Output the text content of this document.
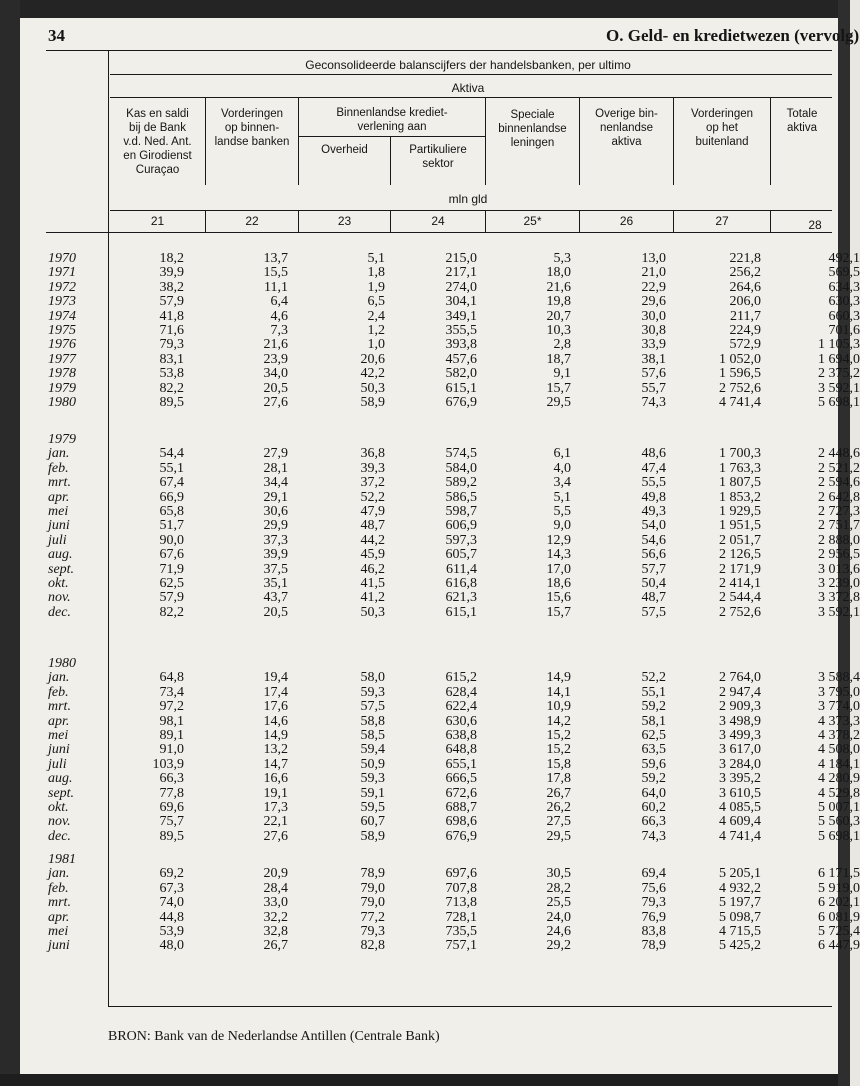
34	O. Geld- en kredietwezen (vervolg)
Geconsolideerde balanscijfers der handelsbanken, per ultimo
Aktiva
Kas en saldi
bij de Bank
v.d. Ned. Ant.
en Girodienst
Curaçao
Vorderingen
op binnen-
landse banken
Binnenlandse krediet-
verlening aan
Overheid	Partikuliere
sektor
Speciale
binnenlandse
leningen
Overige bin-
nenlandse
aktiva
Vorderingen
op het
buitenland
Totale
aktiva
mln gld
21	22	23	24	25*	26	27	28
1970	18,2	13,7	5,1	215,0	5,3	13,0	221,8	492,1
1971	39,9	15,5	1,8	217,1	18,0	21,0	256,2	569,5
1972	38,2	11,1	1,9	274,0	21,6	22,9	264,6	634,3
1973	57,9	6,4	6,5	304,1	19,8	29,6	206,0	630,3
1974	41,8	4,6	2,4	349,1	20,7	30,0	211,7	660,3
1975	71,6	7,3	1,2	355,5	10,3	30,8	224,9	701,6
1976	79,3	21,6	1,0	393,8	2,8	33,9	572,9	1 105,3
1977	83,1	23,9	20,6	457,6	18,7	38,1	1 052,0	1 694,0
1978	53,8	34,0	42,2	582,0	9,1	57,6	1 596,5	2 375,2
1979	82,2	20,5	50,3	615,1	15,7	55,7	2 752,6	3 592,1
1980	89,5	27,6	58,9	676,9	29,5	74,3	4 741,4	5 698,1
1979
jan.	54,4	27,9	36,8	574,5	6,1	48,6	1 700,3	2 448,6
feb.	55,1	28,1	39,3	584,0	4,0	47,4	1 763,3	2 521,2
mrt.	67,4	34,4	37,2	589,2	3,4	55,5	1 807,5	2 594,6
apr.	66,9	29,1	52,2	586,5	5,1	49,8	1 853,2	2 642,8
mei	65,8	30,6	47,9	598,7	5,5	49,3	1 929,5	2 727,3
juni	51,7	29,9	48,7	606,9	9,0	54,0	1 951,5	2 751,7
juli	90,0	37,3	44,2	597,3	12,9	54,6	2 051,7	2 888,0
aug.	67,6	39,9	45,9	605,7	14,3	56,6	2 126,5	2 956,5
sept.	71,9	37,5	46,2	611,4	17,0	57,7	2 171,9	3 013,6
okt.	62,5	35,1	41,5	616,8	18,6	50,4	2 414,1	3 239,0
nov.	57,9	43,7	41,2	621,3	15,6	48,7	2 544,4	3 372,8
dec.	82,2	20,5	50,3	615,1	15,7	57,5	2 752,6	3 592,1
1980
jan.	64,8	19,4	58,0	615,2	14,9	52,2	2 764,0	3 588,4
feb.	73,4	17,4	59,3	628,4	14,1	55,1	2 947,4	3 795,0
mrt.	97,2	17,6	57,5	622,4	10,9	59,2	2 909,3	3 774,0
apr.	98,1	14,6	58,8	630,6	14,2	58,1	3 498,9	4 373,3
mei	89,1	14,9	58,5	638,8	15,2	62,5	3 499,3	4 378,2
juni	91,0	13,2	59,4	648,8	15,2	63,5	3 617,0	4 508,0
juli	103,9	14,7	50,9	655,1	15,8	59,6	3 284,0	4 184,1
aug.	66,3	16,6	59,3	666,5	17,8	59,2	3 395,2	4 280,9
sept.	77,8	19,1	59,1	672,6	26,7	64,0	3 610,5	4 529,8
okt.	69,6	17,3	59,5	688,7	26,2	60,2	4 085,5	5 007,1
nov.	75,7	22,1	60,7	698,6	27,5	66,3	4 609,4	5 560,3
dec.	89,5	27,6	58,9	676,9	29,5	74,3	4 741,4	5 698,1
1981
jan.	69,2	20,9	78,9	697,6	30,5	69,4	5 205,1	6 171,5
feb.	67,3	28,4	79,0	707,8	28,2	75,6	4 932,2	5 919,0
mrt.	74,0	33,0	79,0	713,8	25,5	79,3	5 197,7	6 202,1
apr.	44,8	32,2	77,2	728,1	24,0	76,9	5 098,7	6 081,9
mei	53,9	32,8	79,3	735,5	24,6	83,8	4 715,5	5 725,4
juni	48,0	26,7	82,8	757,1	29,2	78,9	5 425,2	6 447,9
BRON: Bank van de Nederlandse Antillen (Centrale Bank)
